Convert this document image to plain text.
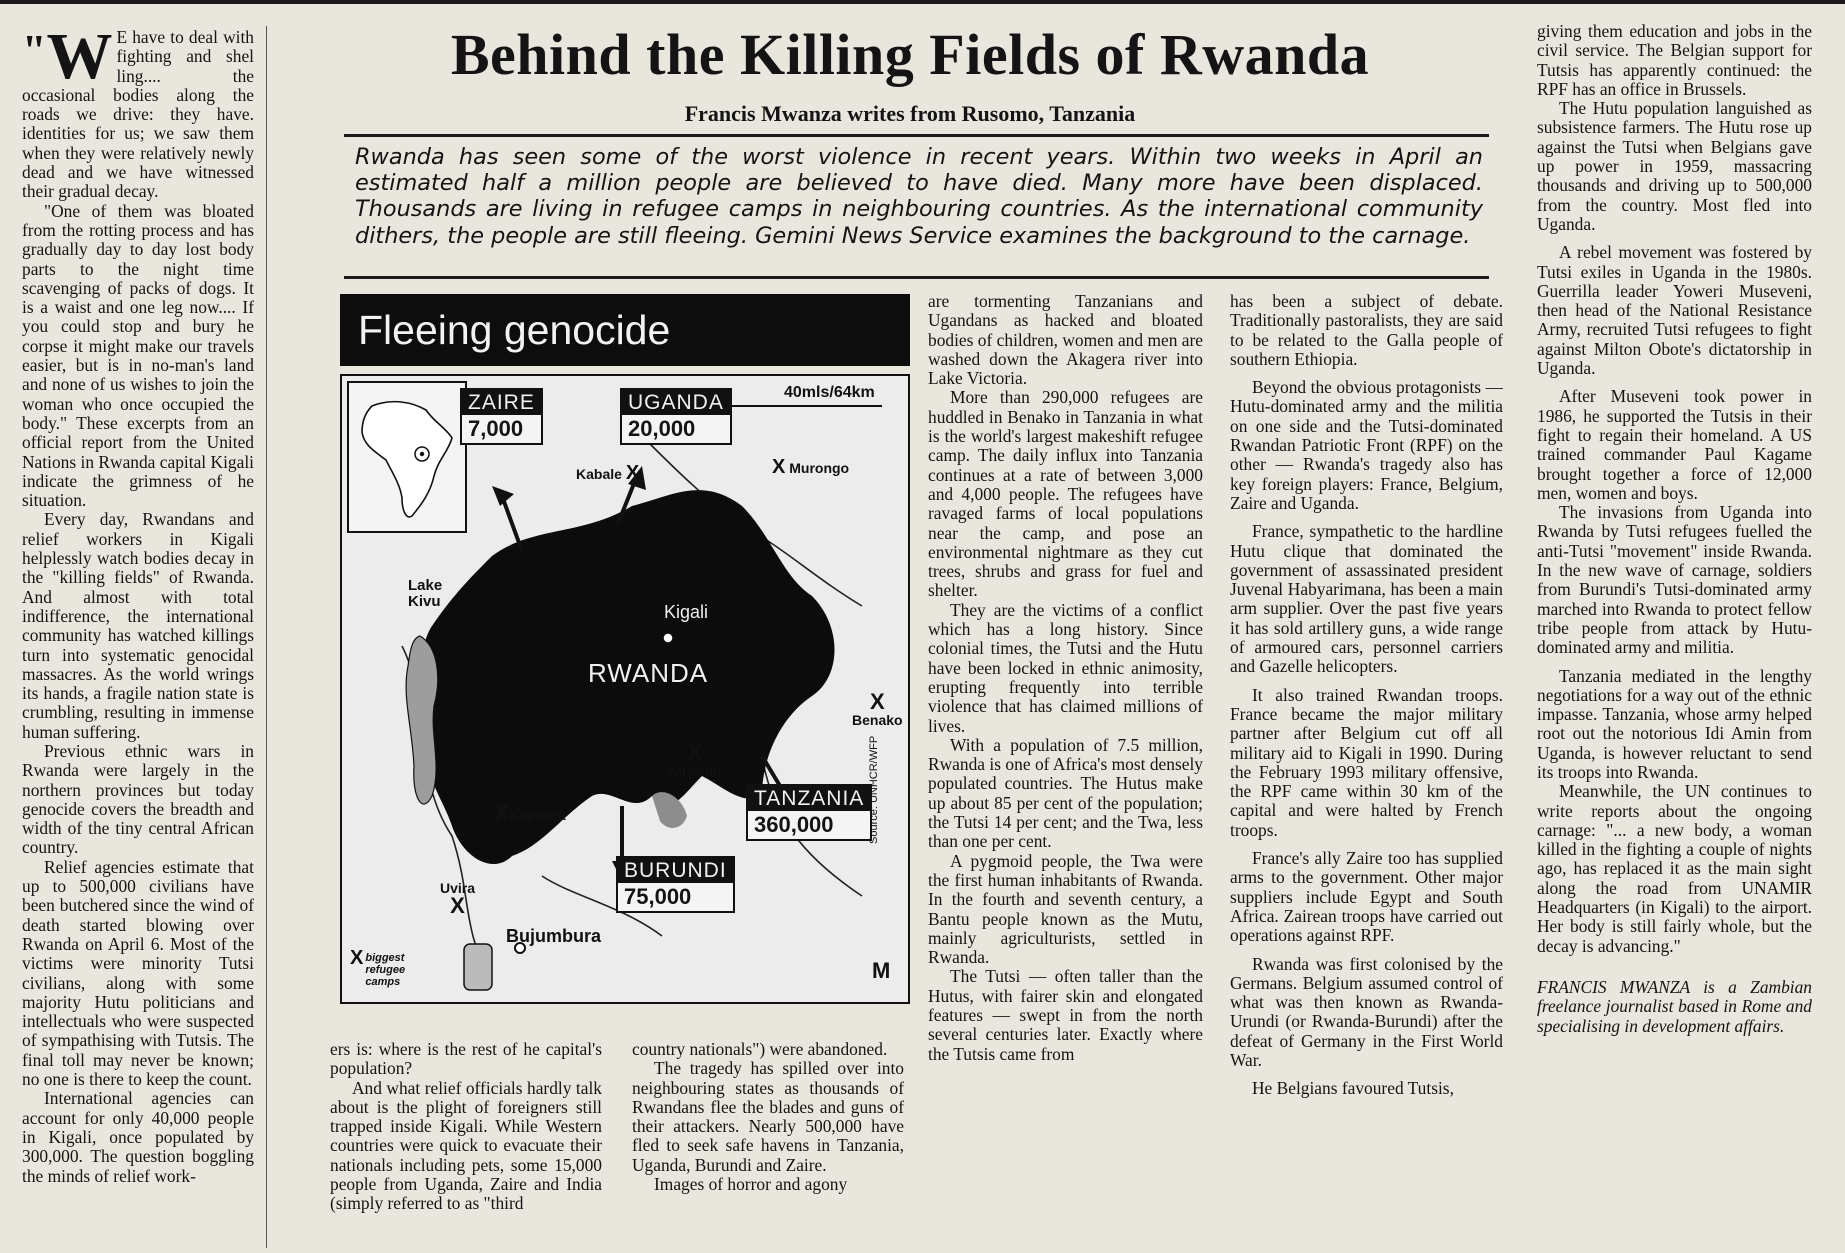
" W E have to deal with fighting and shel ling.... the occasional bodies along the roads we drive: they have. identities for us; we saw them when they were relatively newly dead and we have witnessed their gradual decay.

"One of them was bloated from the rotting process and has gradually day to day lost body parts to the night time scavenging of packs of dogs. It is a waist and one leg now.... If you could stop and bury he corpse it might make our travels easier, but is in no-man's land and none of us wishes to join the woman who once occupied the body." These excerpts from an official report from the United Nations in Rwanda capital Kigali indicate the grimness of he situation.

Every day, Rwandans and relief workers in Kigali helplessly watch bodies decay in the "killing fields" of Rwanda. And almost with total indifference, the international community has watched killings turn into systematic genocidal massacres. As the world wrings its hands, a fragile nation state is crumbling, resulting in immense human suffering.

Previous ethnic wars in Rwanda were largely in the northern provinces but today genocide covers the breadth and width of the tiny central African country.

Relief agencies estimate that up to 500,000 civilians have been butchered since the wind of death started blowing over Rwanda on April 6. Most of the victims were minority Tutsi civilians, along with some majority Hutu politicians and intellectuals who were suspected of sympathising with Tutsis. The final toll may never be known; no one is there to keep the count.

International agencies can account for only 40,000 people in Kigali, once populated by 300,000. The question boggling the minds of relief work-

Behind the Killing Fields of Rwanda
Francis Mwanza writes from Rusomo, Tanzania
Rwanda has seen some of the worst violence in recent years. Within two weeks in April an estimated half a million people are believed to have died. Many more have been displaced. Thousands are living in refugee camps in neighbouring countries. As the international community dithers, the people are still fleeing. Gemini News Service examines the background to the carnage.
Fleeing genocide
40mls/64km
Kigali
RWANDA
Lake Kivu
ZAIRE
7,000
UGANDA
20,000
TANZANIA
360,000
BURUNDI
75,000
Kabale X	X Murongo
X
Benako
X
Kirundo
XKayanza
Uvira
X
Bujumbura
X biggest refugee camps	M
Source: UNHCR/WFP

ers is: where is the rest of he capital's population?

And what relief officials hardly talk about is the plight of foreigners still trapped inside Kigali. While Western countries were quick to evacuate their nationals including pets, some 15,000 people from Uganda, Zaire and India (simply referred to as "third

country nationals") were abandoned.

The tragedy has spilled over into neighbouring states as thousands of Rwandans flee the blades and guns of their attackers. Nearly 500,000 have fled to seek safe havens in Tanzania, Uganda, Burundi and Zaire.

Images of horror and agony

are tormenting Tanzanians and Ugandans as hacked and bloated bodies of children, women and men are washed down the Akagera river into Lake Victoria.

More than 290,000 refugees are huddled in Benako in Tanzania in what is the world's largest makeshift refugee camp. The daily influx into Tanzania continues at a rate of between 3,000 and 4,000 people. The refugees have ravaged farms of local populations near the camp, and pose an environmental nightmare as they cut trees, shrubs and grass for fuel and shelter.

They are the victims of a conflict which has a long history. Since colonial times, the Tutsi and the Hutu have been locked in ethnic animosity, erupting frequently into terrible violence that has claimed millions of lives.

With a population of 7.5 million, Rwanda is one of Africa's most densely populated countries. The Hutus make up about 85 per cent of the population; the Tutsi 14 per cent; and the Twa, less than one per cent.

A pygmoid people, the Twa were the first human inhabitants of Rwanda. In the fourth and seventh century, a Bantu people known as the Mutu, mainly agriculturists, settled in Rwanda.

The Tutsi — often taller than the Hutus, with fairer skin and elongated features — swept in from the north several centuries later. Exactly where the Tutsis came from

has been a subject of debate. Traditionally pastoralists, they are said to be related to the Galla people of southern Ethiopia.

Beyond the obvious protagonists — Hutu-dominated army and the militia on one side and the Tutsi-dominated Rwandan Patriotic Front (RPF) on the other — Rwanda's tragedy also has key foreign players: France, Belgium, Zaire and Uganda.

France, sympathetic to the hardline Hutu clique that dominated the government of assassinated president Juvenal Habyarimana, has been a main arm supplier. Over the past five years it has sold artillery guns, a wide range of armoured cars, personnel carriers and Gazelle helicopters.

It also trained Rwandan troops. France became the major military partner after Belgium cut off all military aid to Kigali in 1990. During the February 1993 military offensive, the RPF came within 30 km of the capital and were halted by French troops.

France's ally Zaire too has supplied arms to the government. Other major suppliers include Egypt and South Africa. Zairean troops have carried out operations against RPF.

Rwanda was first colonised by the Germans. Belgium assumed control of what was then known as Rwanda-Urundi (or Rwanda-Burundi) after the defeat of Germany in the First World War.

He Belgians favoured Tutsis,

giving them education and jobs in the civil service. The Belgian support for Tutsis has apparently continued: the RPF has an office in Brussels.

The Hutu population languished as subsistence farmers. The Hutu rose up against the Tutsi when Belgians gave up power in 1959, massacring thousands and driving up to 500,000 from the country. Most fled into Uganda.

A rebel movement was fostered by Tutsi exiles in Uganda in the 1980s. Guerrilla leader Yoweri Museveni, then head of the National Resistance Army, recruited Tutsi refugees to fight against Milton Obote's dictatorship in Uganda.

After Museveni took power in 1986, he supported the Tutsis in their fight to regain their homeland. A US trained commander Paul Kagame brought together a force of 12,000 men, women and boys.

The invasions from Uganda into Rwanda by Tutsi refugees fuelled the anti-Tutsi "movement" inside Rwanda. In the new wave of carnage, soldiers from Burundi's Tutsi-dominated army marched into Rwanda to protect fellow tribe people from attack by Hutu-dominated army and militia.

Tanzania mediated in the lengthy negotiations for a way out of the ethnic impasse. Tanzania, whose army helped root out the notorious Idi Amin from Uganda, is however reluctant to send its troops into Rwanda.

Meanwhile, the UN continues to write reports about the ongoing carnage: "... a new body, a woman killed in the fighting a couple of nights ago, has replaced it as the main sight along the road from UNAMIR Headquarters (in Kigali) to the airport. Her body is still fairly whole, but the decay is advancing."

FRANCIS MWANZA is a Zambian freelance journalist based in Rome and specialising in development affairs.
